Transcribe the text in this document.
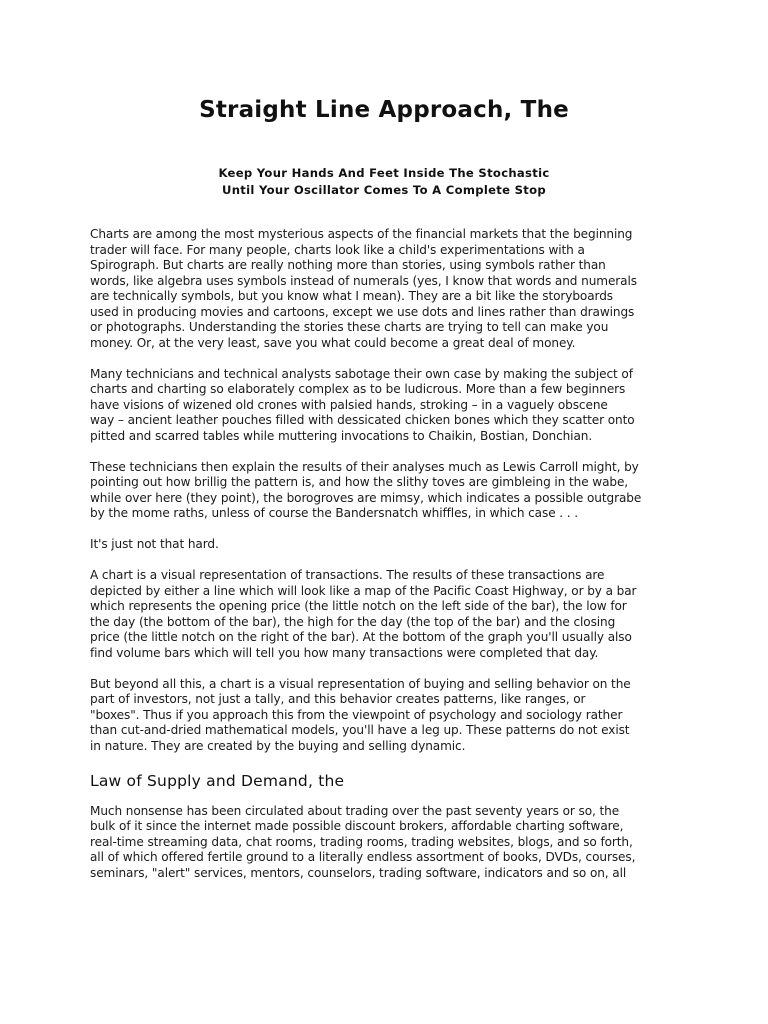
Straight Line Approach, The
Keep Your Hands And Feet Inside The Stochastic
Until Your Oscillator Comes To A Complete Stop

Charts are among the most mysterious aspects of the financial markets that the beginning
trader will face. For many people, charts look like a child's experimentations with a
Spirograph. But charts are really nothing more than stories, using symbols rather than
words, like algebra uses symbols instead of numerals (yes, I know that words and numerals
are technically symbols, but you know what I mean). They are a bit like the storyboards
used in producing movies and cartoons, except we use dots and lines rather than drawings
or photographs. Understanding the stories these charts are trying to tell can make you
money. Or, at the very least, save you what could become a great deal of money.

Many technicians and technical analysts sabotage their own case by making the subject of
charts and charting so elaborately complex as to be ludicrous. More than a few beginners
have visions of wizened old crones with palsied hands, stroking – in a vaguely obscene
way – ancient leather pouches filled with dessicated chicken bones which they scatter onto
pitted and scarred tables while muttering invocations to Chaikin, Bostian, Donchian.

These technicians then explain the results of their analyses much as Lewis Carroll might, by
pointing out how brillig the pattern is, and how the slithy toves are gimbleing in the wabe,
while over here (they point), the borogroves are mimsy, which indicates a possible outgrabe
by the mome raths, unless of course the Bandersnatch whiffles, in which case . . .

It's just not that hard.

A chart is a visual representation of transactions. The results of these transactions are
depicted by either a line which will look like a map of the Pacific Coast Highway, or by a bar
which represents the opening price (the little notch on the left side of the bar), the low for
the day (the bottom of the bar), the high for the day (the top of the bar) and the closing
price (the little notch on the right of the bar). At the bottom of the graph you'll usually also
find volume bars which will tell you how many transactions were completed that day.

But beyond all this, a chart is a visual representation of buying and selling behavior on the
part of investors, not just a tally, and this behavior creates patterns, like ranges, or
"boxes". Thus if you approach this from the viewpoint of psychology and sociology rather
than cut-and-dried mathematical models, you'll have a leg up. These patterns do not exist
in nature. They are created by the buying and selling dynamic.

Law of Supply and Demand, the

Much nonsense has been circulated about trading over the past seventy years or so, the
bulk of it since the internet made possible discount brokers, affordable charting software,
real-time streaming data, chat rooms, trading rooms, trading websites, blogs, and so forth,
all of which offered fertile ground to a literally endless assortment of books, DVDs, courses,
seminars, "alert" services, mentors, counselors, trading software, indicators and so on, all
